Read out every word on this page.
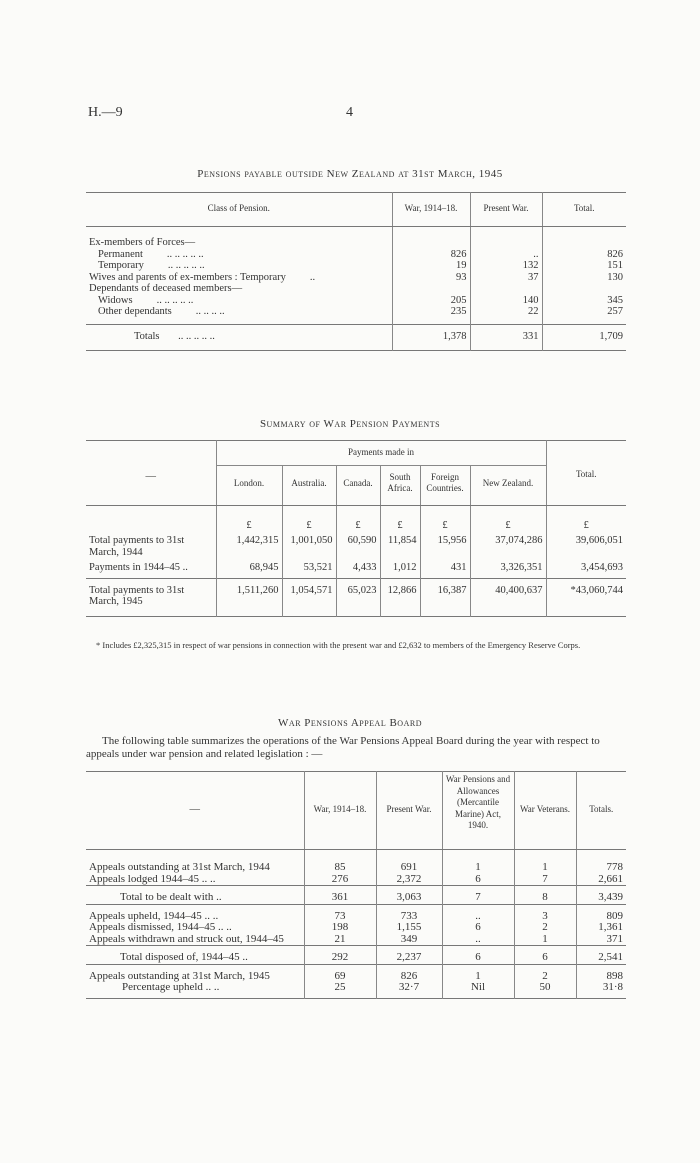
H.—9	4
Pensions payable outside New Zealand at 31st March, 1945
Class of Pension.	War, 1914–18.	Present War.	Total.

Ex-members of Forces—			
Permanent .. .. .. .. ..	826	..	826
Temporary .. .. .. .. ..	19	132	151
Wives and parents of ex-members : Temporary ..	93	37	130
Dependants of deceased members—			
Widows .. .. .. .. ..	205	140	345
Other dependants .. .. .. ..	235	22	257

Totals .. .. .. .. ..	1,378	331	1,709
Summary of War Pension Payments
—	Payments made in						Total.
	London.	Australia.	Canada.	South Africa.	Foreign Countries.	New Zealand.	
	£	£	£	£	£	£	£
Total payments to 31st March, 1944	1,442,315	1,001,050	60,590	11,854	15,956	37,074,286	39,606,051
Payments in 1944–45 ..	68,945	53,521	4,433	1,012	431	3,326,351	3,454,693
Total payments to 31st March, 1945	1,511,260	1,054,571	65,023	12,866	16,387	40,400,637	*43,060,744

* Includes £2,325,315 in respect of war pensions in connection with the present war and £2,632 to members of the Emergency Reserve Corps.
War Pensions Appeal Board
The following table summarizes the operations of the War Pensions Appeal Board during the year with respect to appeals under war pension and related legislation : —
—	War, 1914–18.	Present War.	War Pensions and Allowances (Mercantile Marine) Act, 1940.	War Veterans.	Totals.

Appeals outstanding at 31st March, 1944	85	691	1	1	778
Appeals lodged 1944–45 .. ..	276	2,372	6	7	2,661

Total to be dealt with ..	361	3,063	7	8	3,439

Appeals upheld, 1944–45 .. ..	73	733	..	3	809
Appeals dismissed, 1944–45 .. ..	198	1,155	6	2	1,361
Appeals withdrawn and struck out, 1944–45	21	349	..	1	371

Total disposed of, 1944–45 ..	292	2,237	6	6	2,541

Appeals outstanding at 31st March, 1945	69	826	1	2	898
Percentage upheld .. ..	25	32·7	Nil	50	31·8
